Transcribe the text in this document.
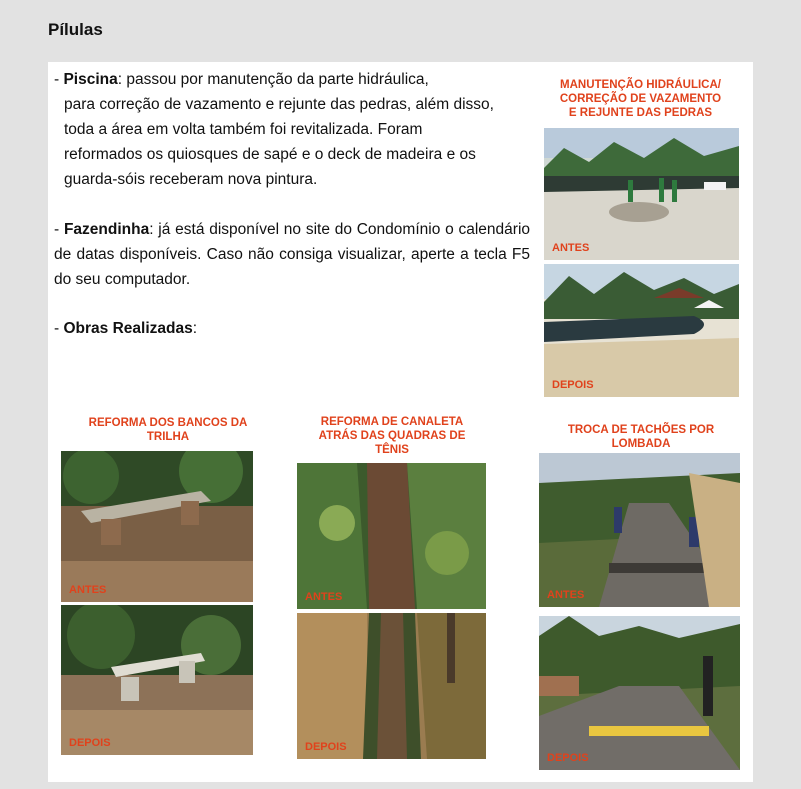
Pílulas
- Piscina: passou por manutenção da parte hidráulica,
para correção de vazamento e rejunte das pedras, além disso,
toda a área em volta também foi revitalizada. Foram
reformados os quiosques de sapé e o deck de madeira e os
guarda-sóis receberam nova pintura.
- Fazendinha: já está disponível no site do Condomínio o calendário de datas disponíveis. Caso não consiga visualizar, aperte a tecla F5 do seu computador.
- Obras Realizadas:
MANUTENÇÃO HIDRÁULICA/ CORREÇÃO DE VAZAMENTO E REJUNTE DAS PEDRAS
ANTES
DEPOIS
REFORMA DOS BANCOS DA TRILHA
ANTES
DEPOIS
REFORMA DE CANALETA ATRÁS DAS QUADRAS DE TÊNIS
ANTES
DEPOIS
TROCA DE TACHÕES POR LOMBADA
ANTES
DEPOIS
